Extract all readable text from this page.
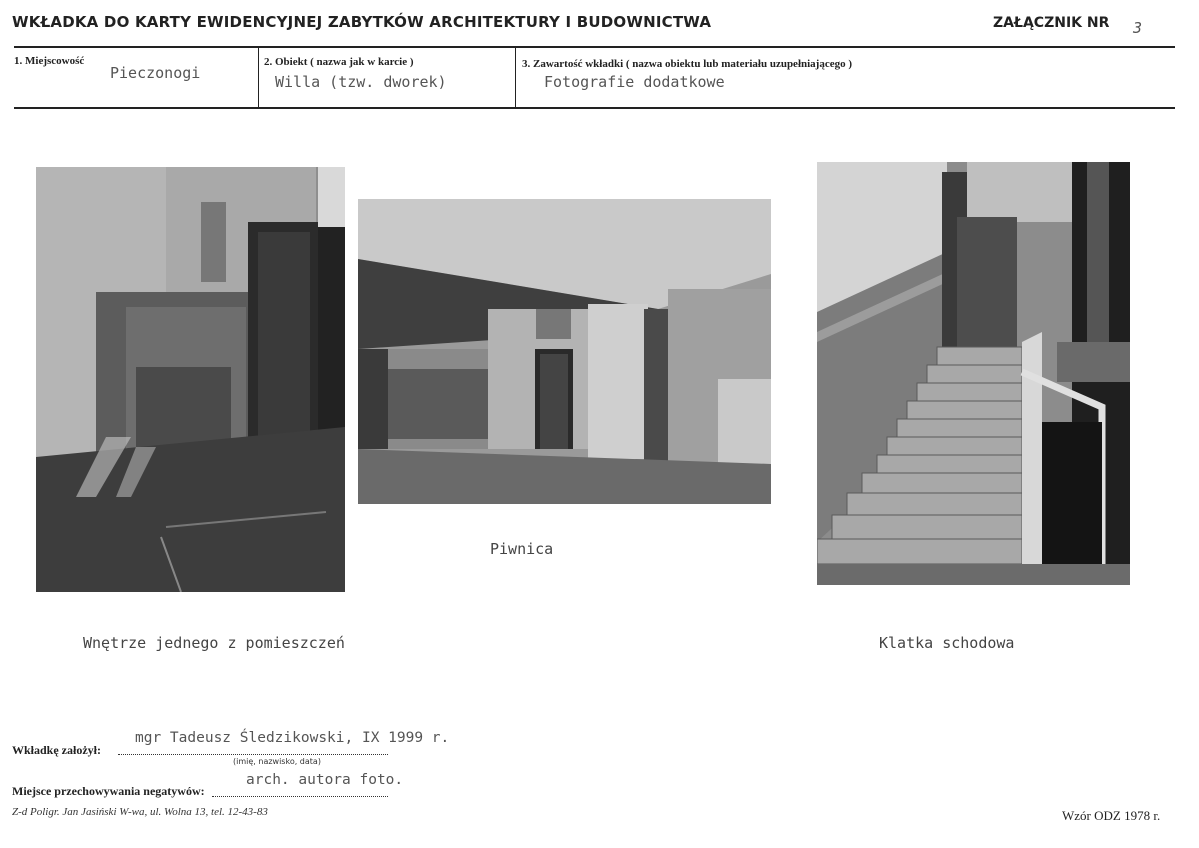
WKŁADKA DO KARTY EWIDENCYJNEJ ZABYTKÓW ARCHITEKTURY I BUDOWNICTWA	ZAŁĄCZNIK NR 3
1. Miejscowość
Pieczonogi
2. Obiekt ( nazwa jak w karcie )
Willa (tzw. dworek)
3. Zawartość wkładki ( nazwa obiektu lub materiału uzupełniającego )
Fotografie dodatkowe
Wnętrze jednego z pomieszczeń
Piwnica
Klatka schodowa
mgr Tadeusz Śledzikowski, IX 1999 r.
Wkładkę założył:
(imię, nazwisko, data)
arch. autora foto.
Miejsce przechowywania negatywów:
Z-d Poligr. Jan Jasiński W-wa, ul. Wolna 13, tel. 12-43-83	Wzór ODZ 1978 r.
